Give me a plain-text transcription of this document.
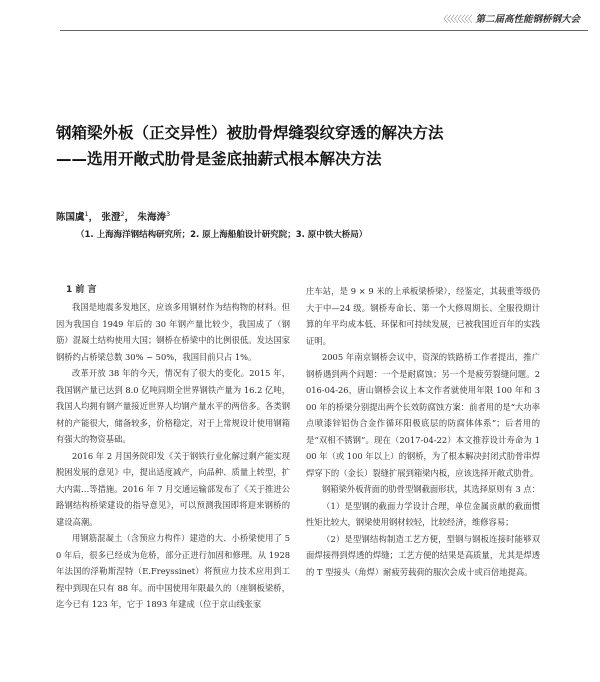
〈〈〈〈〈〈〈〈 第二届高性能钢桥钢大会
钢箱梁外板（正交异性）被肋骨焊缝裂纹穿透的解决方法
——选用开敞式肋骨是釜底抽薪式根本解决方法
陈国虞$^1$， 张澄$^2$， 朱海涛$^3$
（1. 上海海洋钢结构研究所；2. 原上海船舶设计研究院；3. 原中铁大桥局）
1 前 言

我国是地震多发地区，应该多用钢材作为结构物的材料。但因为我国自 1949 年后的 30 年钢产量比较少，我国成了（钢筋）混凝土结构使用大国；钢桥在桥梁中的比例很低。发达国家钢桥约占桥梁总数 30% ~ 50%，我国目前只占 1%。

改革开放 38 年的今天，情况有了很大的变化。2015 年，我国钢产量已达到 8.0 亿吨同期全世界钢铁产量为 16.2 亿吨，我国人均拥有钢产量接近世界人均钢产量水平的两倍多。各类钢材的产能很大，储备较多，价格稳定，对于上常规设计使用钢箱有强大的物资基础。

2016 年 2 月国务院印发《关于钢铁行业化解过剩产能实现脱困发展的意见》中，提出适度减产，向品种、质量上转型，扩大内需…等措施。2016 年 7 月交通运输部发布了《关于推进公路钢结构桥梁建设的指导意见》，可以预测我国即将迎来钢桥的建设高潮。

用钢筋混凝土（含预应力构件）建造的大、小桥梁使用了 50 年后，很多已经成为危桥，部分正进行加固和修理。从 1928 年法国的浮勒斯涅特（E.Freyssinet）将预应力技术应用到工程中到现在只有 88 年。而中国使用年限最久的（座钢板梁桥，迄今已有 123 年，它于 1893 年建成（位于京山线张家

庄车站，是 9 × 9 米的上承板梁桥梁），经鉴定，其载重等级仍大于中—24 级。钢桥寿命长、第一个大修周期长、全服役期计算的年平均成本低、环保和可持续发展，已被我国近百年的实践证明。

2005 年南京钢桥会议中，资深的铁路桥工作者提出，推广钢桥遇到两个问题：一个是耐腐蚀；另一个是疲劳裂缝问题。2016-04-26，唐山钢桥会议上本文作者就使用年限 100 年和 300 年的桥梁分别提出两个长效防腐蚀方案：前者用的是“大功率点喷漆锌铝伪合金作循环阳极底层的防腐体体系”；后者用的是“双相不锈钢”。现在（2017-04-22）本文推荐设计寿命为 100 年（或 100 年以上）的钢桥，为了根本解决封闭式肋骨串焊焊穿下的（金长）裂缝扩展到箱梁内板，应该选择开敞式肋骨。

钢箱梁外板背面的肋骨型钢截面形状，其选择原则有 3 点：

（1）是型钢的截面力学设计合理，单位金属贡献的截面惯性矩比较大，钢梁使用钢材较轻，比较经济，维修容易；

（2）是型钢结构制造工艺方便，型钢与钢板连接时能够双面焊接得到焊透的焊缝；工艺方便的结果是高质量，尤其是焊透的 T 型接头（角焊）耐疲劳载荷的服次会成十或百倍地提高。
